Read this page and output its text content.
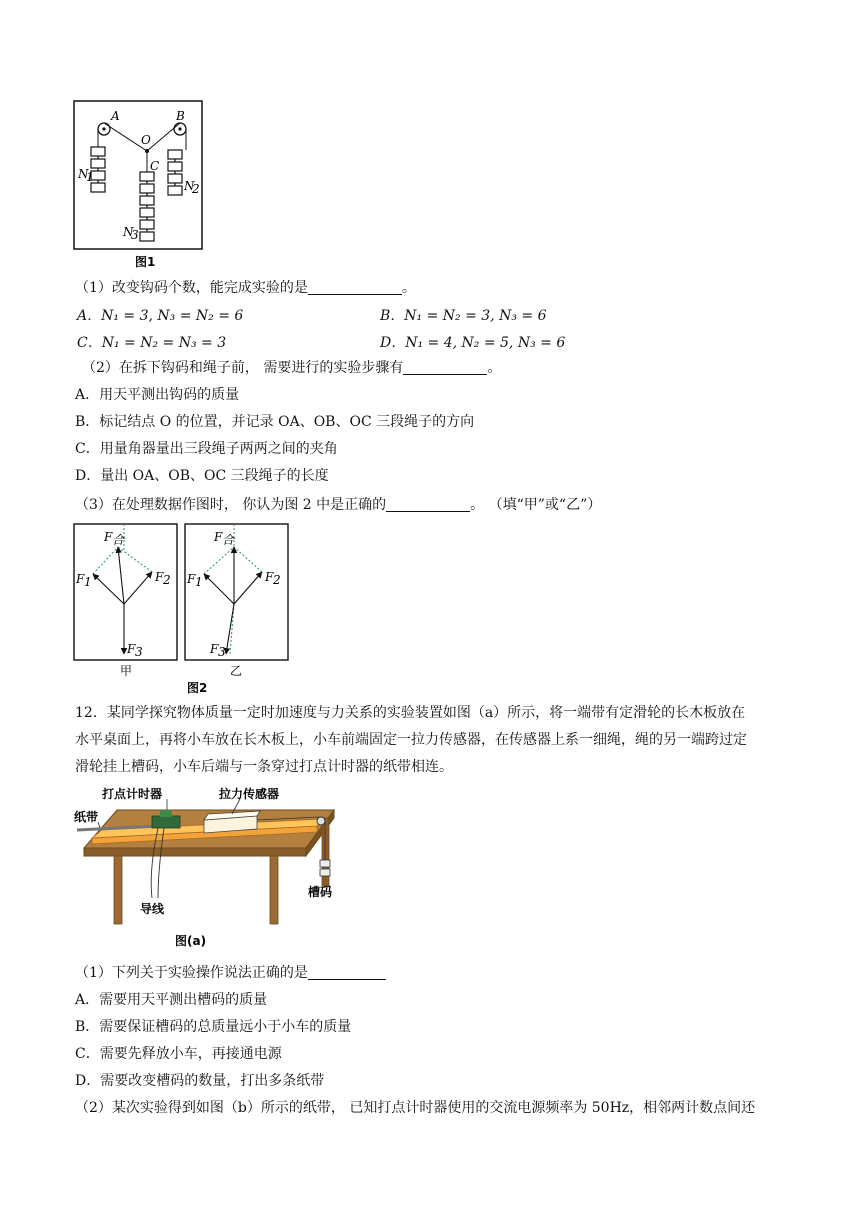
A	B
O
C
N
1
N
2
N
3
图1
（1）改变钩码个数，能完成实验的是	。
A．N₁ = 3, N₃ = N₂ = 6	B．N₁ = N₂ = 3, N₃ = 6
C．N₁ = N₂ = N₃ = 3	D．N₁ = 4, N₂ = 5, N₃ = 6
（2）在拆下钩码和绳子前， 需要进行的实验步骤有	。
A．用天平测出钩码的质量
B．标记结点 O 的位置，并记录 OA、OB、OC 三段绳子的方向
C．用量角器量出三段绳子两两之间的夹角
D．量出 OA、OB、OC 三段绳子的长度
（3）在处理数据作图时， 你认为图 2 中是正确的	。 （填“甲”或“乙”）
F 合
F 1	F 2
F 3
甲
F 合
F 1	F 2
F 3
乙
图2
12．某同学探究物体质量一定时加速度与力关系的实验装置如图（a）所示，将一端带有定滑轮的长木板放在
水平桌面上，再将小车放在长木板上，小车前端固定一拉力传感器，在传感器上系一细绳，绳的另一端跨过定
滑轮挂上槽码，小车后端与一条穿过打点计时器的纸带相连。
打点计时器	拉力传感器
纸带
导线
槽码
图(a)
（1）下列关于实验操作说法正确的是
A．需要用天平测出槽码的质量
B．需要保证槽码的总质量远小于小车的质量
C．需要先释放小车，再接通电源
D．需要改变槽码的数量，打出多条纸带
（2）某次实验得到如图（b）所示的纸带， 已知打点计时器使用的交流电源频率为 50Hz，相邻两计数点间还
